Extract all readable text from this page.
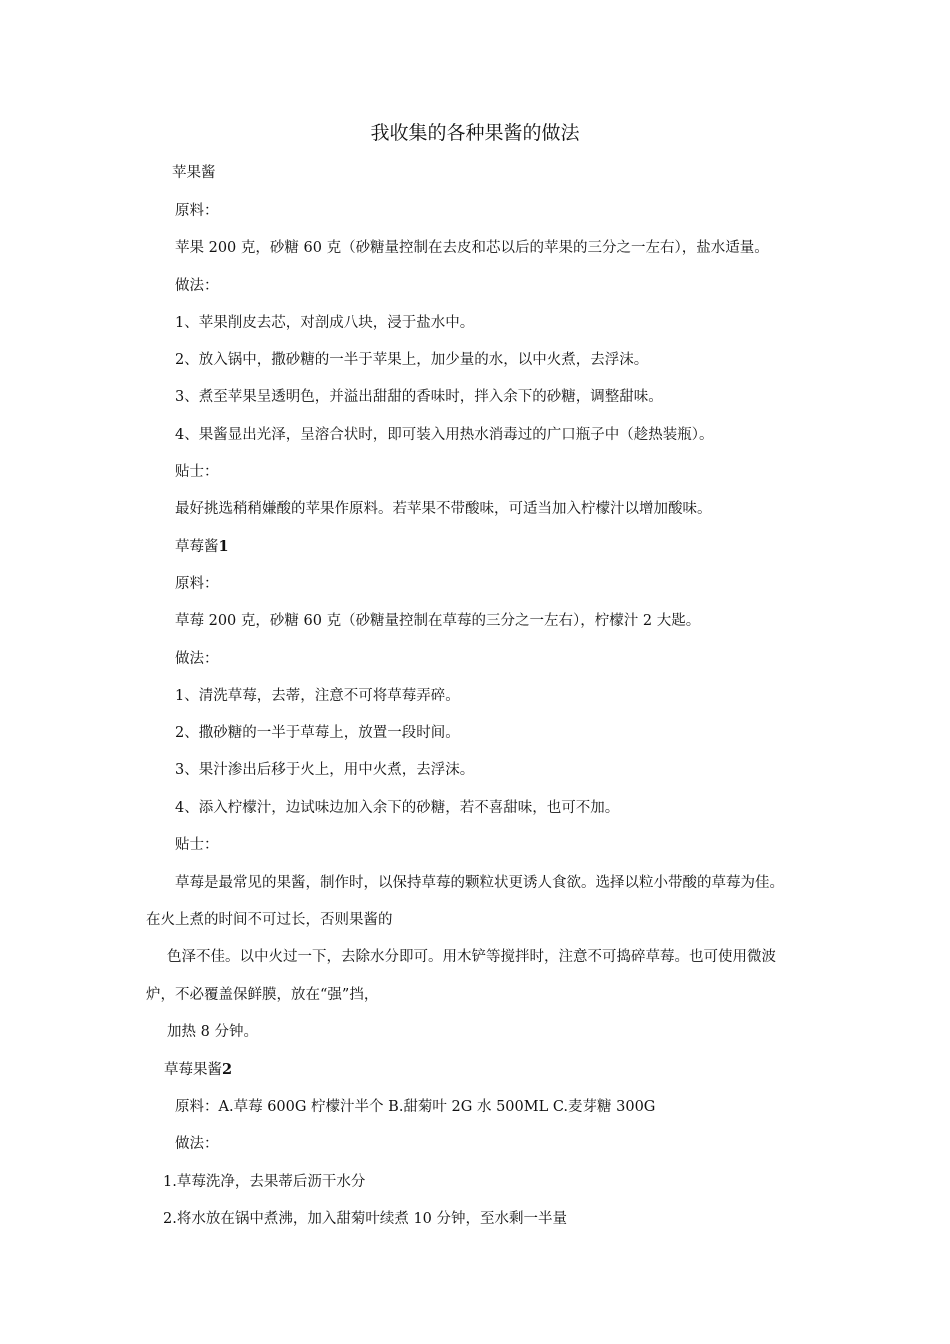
我收集的各种果酱的做法
苹果酱
原料：
苹果 200 克，砂糖 60 克（砂糖量控制在去皮和芯以后的苹果的三分之一左右），盐水适量。
做法：
1、苹果削皮去芯，对剖成八块，浸于盐水中。
2、放入锅中，撒砂糖的一半于苹果上，加少量的水，以中火煮，去浮沫。
3、煮至苹果呈透明色，并溢出甜甜的香味时，拌入余下的砂糖，调整甜味。
4、果酱显出光泽，呈溶合状时，即可装入用热水消毒过的广口瓶子中（趁热装瓶）。
贴士：
最好挑选稍稍嫌酸的苹果作原料。若苹果不带酸味，可适当加入柠檬汁以增加酸味。
草莓酱1
原料：
草莓 200 克，砂糖 60 克（砂糖量控制在草莓的三分之一左右），柠檬汁 2 大匙。
做法：
1、清洗草莓，去蒂，注意不可将草莓弄碎。
2、撒砂糖的一半于草莓上，放置一段时间。
3、果汁渗出后移于火上，用中火煮，去浮沫。
4、添入柠檬汁，边试味边加入余下的砂糖，若不喜甜味，也可不加。
贴士：
草莓是最常见的果酱，制作时，以保持草莓的颗粒状更诱人食欲。选择以粒小带酸的草莓为佳。
在火上煮的时间不可过长，否则果酱的
色泽不佳。以中火过一下，去除水分即可。用木铲等搅拌时，注意不可捣碎草莓。也可使用微波
炉，不必覆盖保鲜膜，放在“强”挡，
加热 8 分钟。
草莓果酱2
原料：A.草莓 600G 柠檬汁半个 B.甜菊叶 2G 水 500ML C.麦芽糖 300G
做法：
1.草莓洗净，去果蒂后沥干水分
2.将水放在锅中煮沸，加入甜菊叶续煮 10 分钟，至水剩一半量
